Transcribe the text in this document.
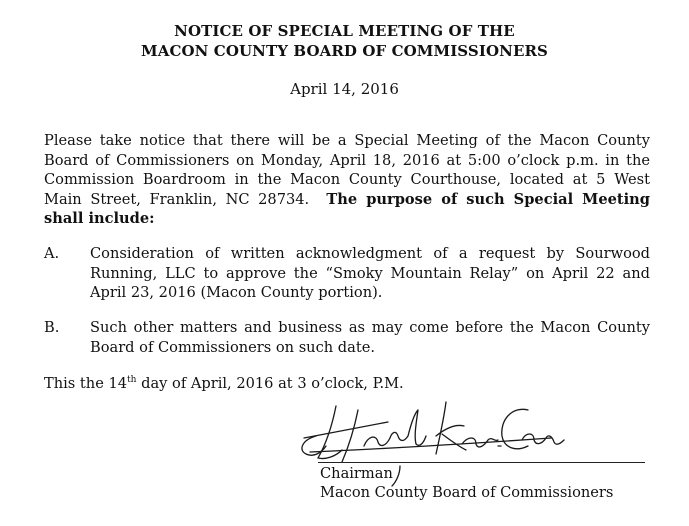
NOTICE OF SPECIAL MEETING OF THE
MACON COUNTY BOARD OF COMMISSIONERS
April 14, 2016
Please take notice that there will be a Special Meeting of the Macon County Board of Commissioners on Monday, April 18, 2016 at 5:00 o’clock p.m. in the Commission Boardroom in the Macon County Courthouse, located at 5 West Main Street, Franklin, NC 28734. The purpose of such Special Meeting shall include:
A. Consideration of written acknowledgment of a request by Sourwood Running, LLC to approve the “Smoky Mountain Relay” on April 22 and April 23, 2016 (Macon County portion).
B. Such other matters and business as may come before the Macon County Board of Commissioners on such date.
This the 14th day of April, 2016 at 3 o’clock, P.M.
Chairman
Macon County Board of Commissioners
